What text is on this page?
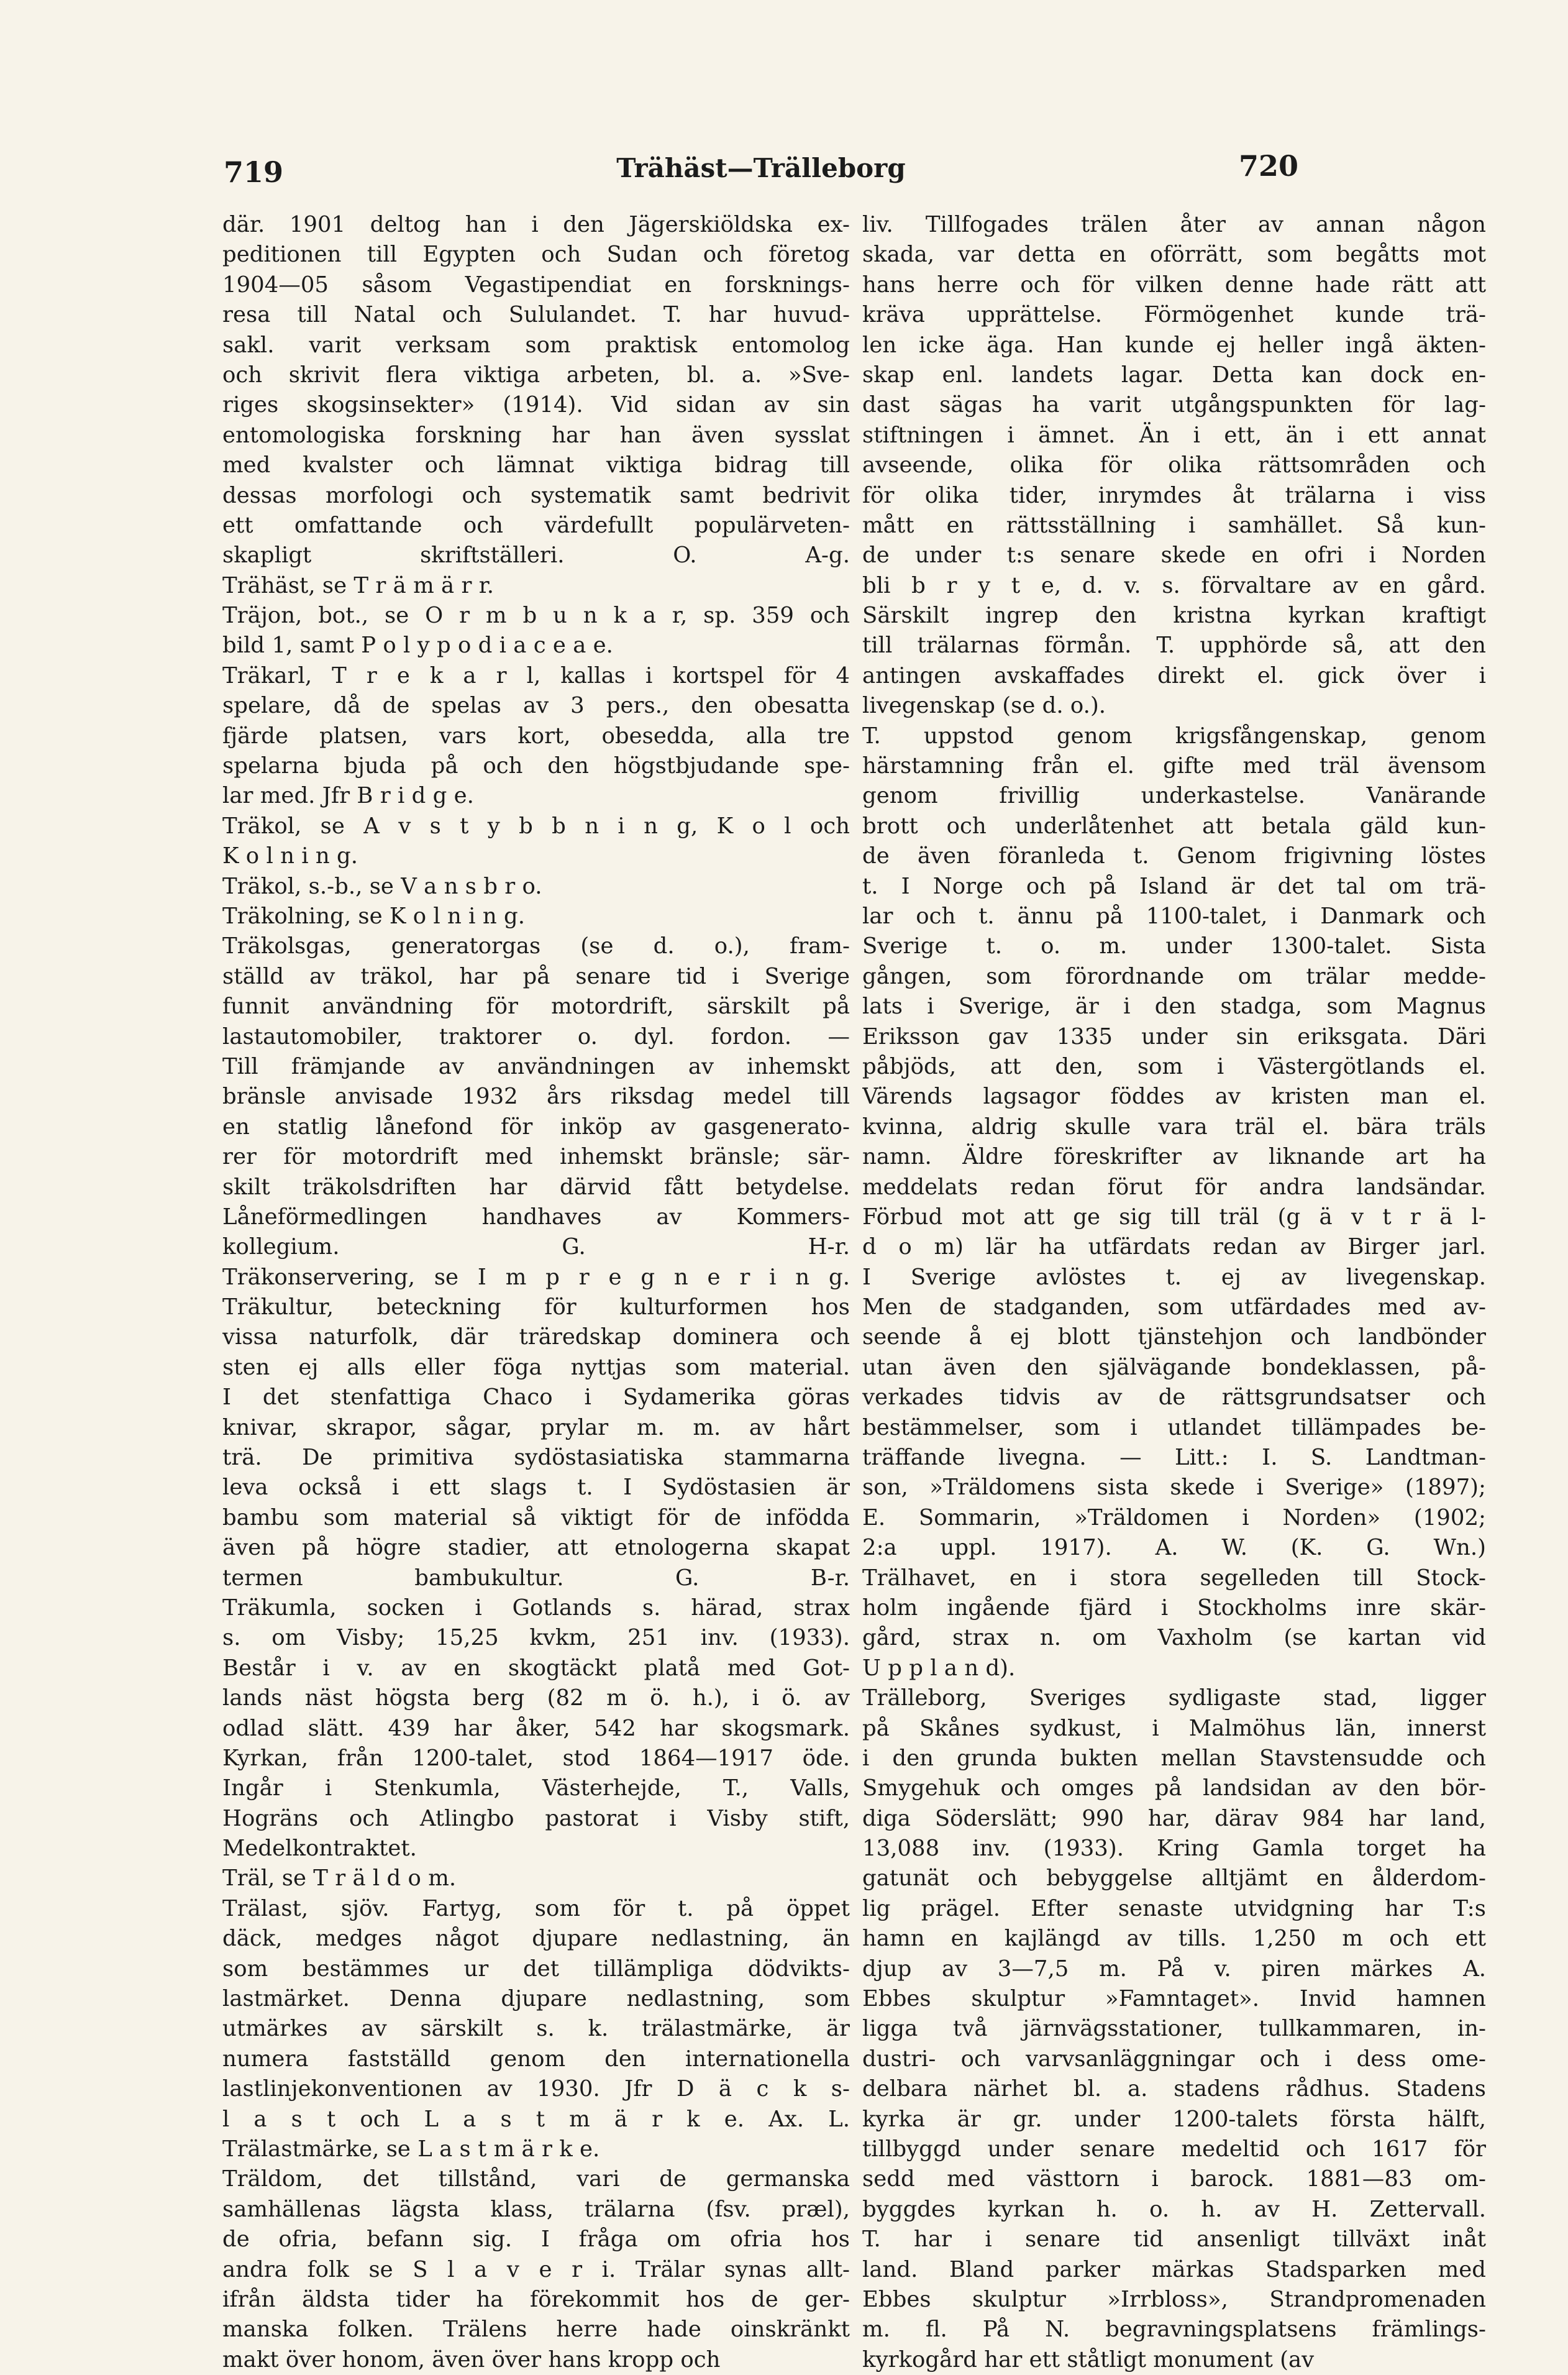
719	Trähäst—Trälleborg	720
där. 1901 deltog han i den Jägerskiöldska ex-
peditionen till Egypten och Sudan och företog
1904—05 såsom Vegastipendiat en forsknings-
resa till Natal och Sululandet. T. har huvud-
sakl. varit verksam som praktisk entomolog
och skrivit flera viktiga arbeten, bl. a. »Sve-
riges skogsinsekter» (1914). Vid sidan av sin
entomologiska forskning har han även sysslat
med kvalster och lämnat viktiga bidrag till
dessas morfologi och systematik samt bedrivit
ett omfattande och värdefullt populärveten-
skapligt skriftställeri. O. A-g.
Trähäst, se T r ä m ä r r.
Träjon, bot., se O r m b u n k a r, sp. 359 och
bild 1, samt P o l y p o d i a c e a e.
Träkarl, T r e k a r l, kallas i kortspel för 4
spelare, då de spelas av 3 pers., den obesatta
fjärde platsen, vars kort, obesedda, alla tre
spelarna bjuda på och den högstbjudande spe-
lar med. Jfr B r i d g e.
Träkol, se A v s t y b b n i n g, K o l och
K o l n i n g.
Träkol, s.-b., se V a n s b r o.
Träkolning, se K o l n i n g.
Träkolsgas, generatorgas (se d. o.), fram-
ställd av träkol, har på senare tid i Sverige
funnit användning för motordrift, särskilt på
lastautomobiler, traktorer o. dyl. fordon. —
Till främjande av användningen av inhemskt
bränsle anvisade 1932 års riksdag medel till
en statlig lånefond för inköp av gasgenerato-
rer för motordrift med inhemskt bränsle; sär-
skilt träkolsdriften har därvid fått betydelse.
Låneförmedlingen handhaves av Kommers-
kollegium. G. H-r.
Träkonservering, se I m p r e g n e r i n g.
Träkultur, beteckning för kulturformen hos
vissa naturfolk, där träredskap dominera och
sten ej alls eller föga nyttjas som material.
I det stenfattiga Chaco i Sydamerika göras
knivar, skrapor, sågar, prylar m. m. av hårt
trä. De primitiva sydöstasiatiska stammarna
leva också i ett slags t. I Sydöstasien är
bambu som material så viktigt för de infödda
även på högre stadier, att etnologerna skapat
termen bambukultur. G. B-r.
Träkumla, socken i Gotlands s. härad, strax
s. om Visby; 15,25 kvkm, 251 inv. (1933).
Består i v. av en skogtäckt platå med Got-
lands näst högsta berg (82 m ö. h.), i ö. av
odlad slätt. 439 har åker, 542 har skogsmark.
Kyrkan, från 1200-talet, stod 1864—1917 öde.
Ingår i Stenkumla, Västerhejde, T., Valls,
Hogräns och Atlingbo pastorat i Visby stift,
Medelkontraktet.
Träl, se T r ä l d o m.
Trälast, sjöv. Fartyg, som för t. på öppet
däck, medges något djupare nedlastning, än
som bestämmes ur det tillämpliga dödvikts-
lastmärket. Denna djupare nedlastning, som
utmärkes av särskilt s. k. trälastmärke, är
numera fastställd genom den internationella
lastlinjekonventionen av 1930. Jfr D ä c k s-
l a s t och L a s t m ä r k e. Ax. L.
Trälastmärke, se L a s t m ä r k e.
Träldom, det tillstånd, vari de germanska
samhällenas lägsta klass, trälarna (fsv. præl),
de ofria, befann sig. I fråga om ofria hos
andra folk se S l a v e r i. Trälar synas allt-
ifrån äldsta tider ha förekommit hos de ger-
manska folken. Trälens herre hade oinskränkt
makt över honom, även över hans kropp och
liv. Tillfogades trälen åter av annan någon
skada, var detta en oförrätt, som begåtts mot
hans herre och för vilken denne hade rätt att
kräva upprättelse. Förmögenhet kunde trä-
len icke äga. Han kunde ej heller ingå äkten-
skap enl. landets lagar. Detta kan dock en-
dast sägas ha varit utgångspunkten för lag-
stiftningen i ämnet. Än i ett, än i ett annat
avseende, olika för olika rättsområden och
för olika tider, inrymdes åt trälarna i viss
mått en rättsställning i samhället. Så kun-
de under t:s senare skede en ofri i Norden
bli b r y t e, d. v. s. förvaltare av en gård.
Särskilt ingrep den kristna kyrkan kraftigt
till trälarnas förmån. T. upphörde så, att den
antingen avskaffades direkt el. gick över i
livegenskap (se d. o.).
T. uppstod genom krigsfångenskap, genom
härstamning från el. gifte med träl ävensom
genom frivillig underkastelse. Vanärande
brott och underlåtenhet att betala gäld kun-
de även föranleda t. Genom frigivning löstes
t. I Norge och på Island är det tal om trä-
lar och t. ännu på 1100-talet, i Danmark och
Sverige t. o. m. under 1300-talet. Sista
gången, som förordnande om trälar medde-
lats i Sverige, är i den stadga, som Magnus
Eriksson gav 1335 under sin eriksgata. Däri
påbjöds, att den, som i Västergötlands el.
Värends lagsagor föddes av kristen man el.
kvinna, aldrig skulle vara träl el. bära träls
namn. Äldre föreskrifter av liknande art ha
meddelats redan förut för andra landsändar.
Förbud mot att ge sig till träl (g ä v t r ä l-
d o m) lär ha utfärdats redan av Birger jarl.
I Sverige avlöstes t. ej av livegenskap.
Men de stadganden, som utfärdades med av-
seende å ej blott tjänstehjon och landbönder
utan även den självägande bondeklassen, på-
verkades tidvis av de rättsgrundsatser och
bestämmelser, som i utlandet tillämpades be-
träffande livegna. — Litt.: I. S. Landtman-
son, »Träldomens sista skede i Sverige» (1897);
E. Sommarin, »Träldomen i Norden» (1902;
2:a uppl. 1917). A. W. (K. G. Wn.)
Trälhavet, en i stora segelleden till Stock-
holm ingående fjärd i Stockholms inre skär-
gård, strax n. om Vaxholm (se kartan vid
U p p l a n d).
Trälleborg, Sveriges sydligaste stad, ligger
på Skånes sydkust, i Malmöhus län, innerst
i den grunda bukten mellan Stavstensudde och
Smygehuk och omges på landsidan av den bör-
diga Söderslätt; 990 har, därav 984 har land,
13,088 inv. (1933). Kring Gamla torget ha
gatunät och bebyggelse alltjämt en ålderdom-
lig prägel. Efter senaste utvidgning har T:s
hamn en kajlängd av tills. 1,250 m och ett
djup av 3—7,5 m. På v. piren märkes A.
Ebbes skulptur »Famntaget». Invid hamnen
ligga två järnvägsstationer, tullkammaren, in-
dustri- och varvsanläggningar och i dess ome-
delbara närhet bl. a. stadens rådhus. Stadens
kyrka är gr. under 1200-talets första hälft,
tillbyggd under senare medeltid och 1617 för
sedd med västtorn i barock. 1881—83 om-
byggdes kyrkan h. o. h. av H. Zettervall.
T. har i senare tid ansenligt tillväxt inåt
land. Bland parker märkas Stadsparken med
Ebbes skulptur »Irrbloss», Strandpromenaden
m. fl. På N. begravningsplatsens främlings-
kyrkogård har ett ståtligt monument (av
